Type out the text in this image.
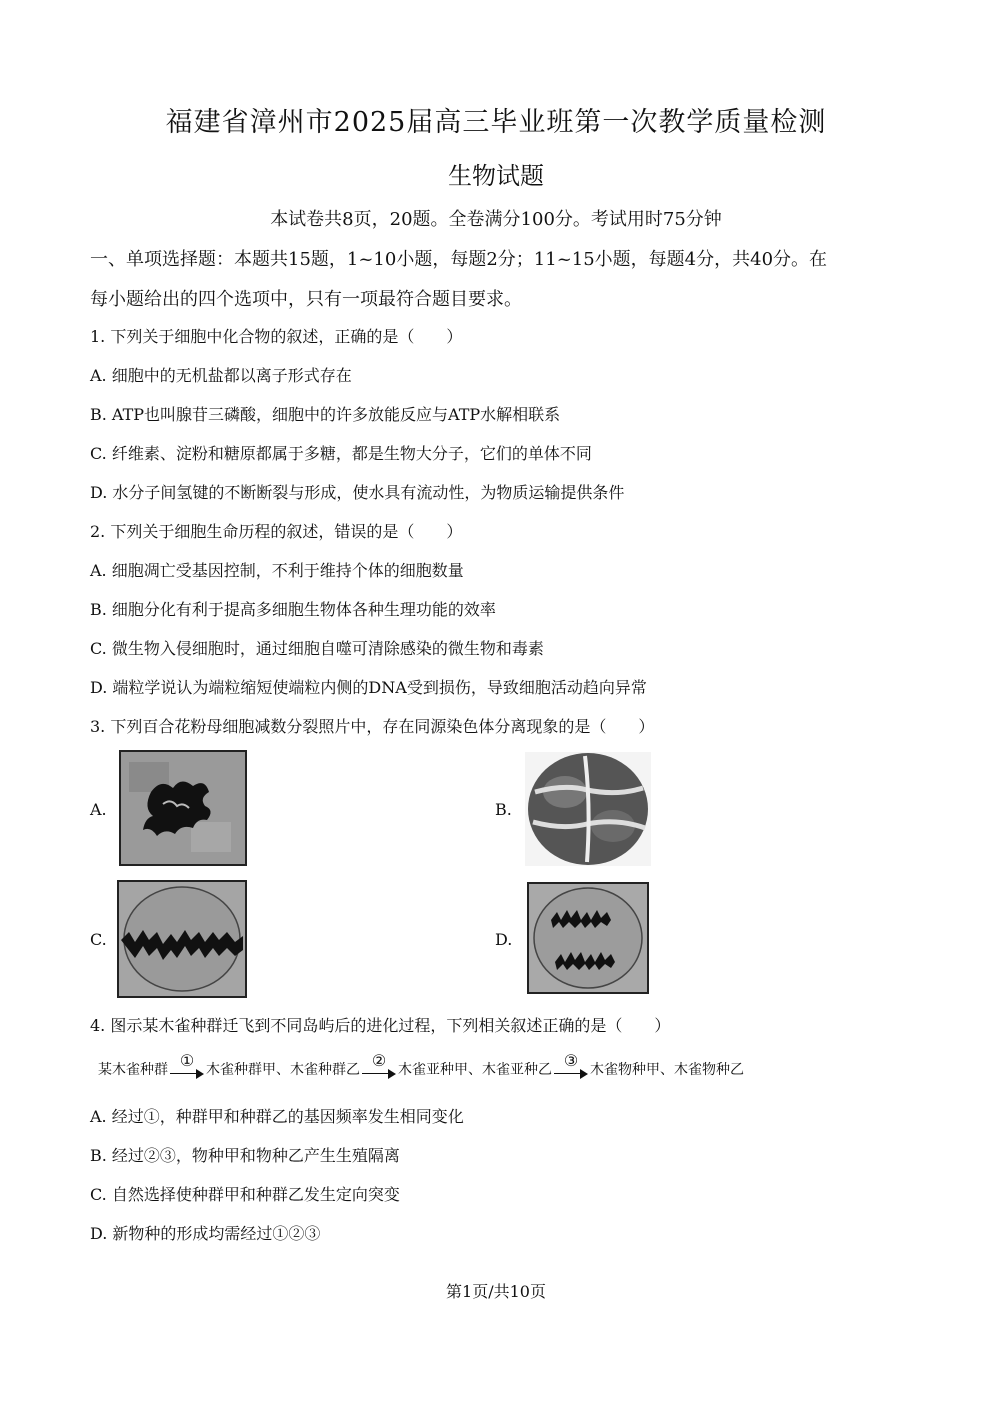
福建省漳州市2025届高三毕业班第一次教学质量检测
生物试题
本试卷共8页，20题。全卷满分100分。考试用时75分钟
一、单项选择题：本题共15题，1~10小题，每题2分；11~15小题，每题4分，共40分。在
每小题给出的四个选项中，只有一项最符合题目要求。
1. 下列关于细胞中化合物的叙述，正确的是（　　）
A. 细胞中的无机盐都以离子形式存在
B. ATP也叫腺苷三磷酸，细胞中的许多放能反应与ATP水解相联系
C. 纤维素、淀粉和糖原都属于多糖，都是生物大分子，它们的单体不同
D. 水分子间氢键的不断断裂与形成，使水具有流动性，为物质运输提供条件
2. 下列关于细胞生命历程的叙述，错误的是（　　）
A. 细胞凋亡受基因控制，不利于维持个体的细胞数量
B. 细胞分化有利于提高多细胞生物体各种生理功能的效率
C. 微生物入侵细胞时，通过细胞自噬可清除感染的微生物和毒素
D. 端粒学说认为端粒缩短使端粒内侧的DNA受到损伤，导致细胞活动趋向异常
3. 下列百合花粉母细胞减数分裂照片中，存在同源染色体分离现象的是（　　）
A.	B.
C.	D.
4. 图示某木雀种群迁飞到不同岛屿后的进化过程，下列相关叙述正确的是（　　）
某木雀种群 ① 木雀种群甲、木雀种群乙 ② 木雀亚种甲、木雀亚种乙 ③ 木雀物种甲、木雀物种乙
A. 经过①，种群甲和种群乙的基因频率发生相同变化
B. 经过②③，物种甲和物种乙产生生殖隔离
C. 自然选择使种群甲和种群乙发生定向突变
D. 新物种的形成均需经过①②③
第1页/共10页
